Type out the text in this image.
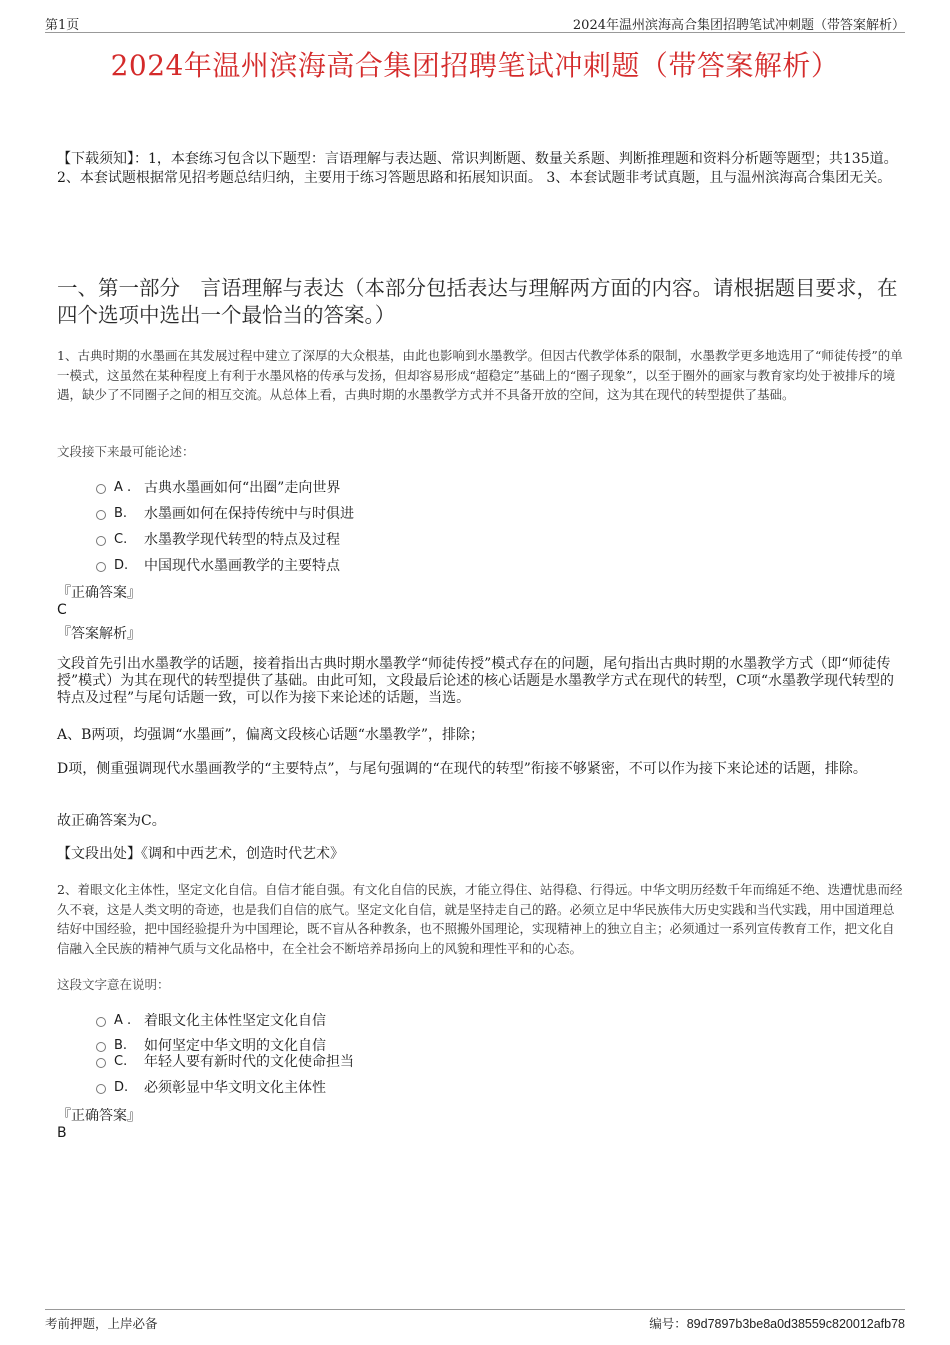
第1页	2024年温州滨海高合集团招聘笔试冲刺题（带答案解析）
2024年温州滨海高合集团招聘笔试冲刺题（带答案解析）
【下载须知】：1，本套练习包含以下题型：言语理解与表达题、常识判断题、数量关系题、判断推理题和资料分析题等题型；共135道。 2、本套试题根据常见招考题总结归纳，主要用于练习答题思路和拓展知识面。 3、本套试题非考试真题，且与温州滨海高合集团无关。
一、第一部分　言语理解与表达（本部分包括表达与理解两方面的内容。请根据题目要求，在四个选项中选出一个最恰当的答案。）
1、古典时期的水墨画在其发展过程中建立了深厚的大众根基，由此也影响到水墨教学。但因古代教学体系的限制，水墨教学更多地选用了“师徒传授”的单一模式，这虽然在某种程度上有利于水墨风格的传承与发扬，但却容易形成“超稳定”基础上的“圈子现象”，以至于圈外的画家与教育家均处于被排斥的境遇，缺少了不同圈子之间的相互交流。从总体上看，古典时期的水墨教学方式并不具备开放的空间，这为其在现代的转型提供了基础。
文段接下来最可能论述：
A . 古典水墨画如何“出圈”走向世界
B.	水墨画如何在保持传统中与时俱进
C.	水墨教学现代转型的特点及过程
D.	中国现代水墨画教学的主要特点
『正确答案』
C
『答案解析』
文段首先引出水墨教学的话题，接着指出古典时期水墨教学“师徒传授”模式存在的问题，尾句指出古典时期的水墨教学方式（即“师徒传授”模式）为其在现代的转型提供了基础。由此可知，文段最后论述的核心话题是水墨教学方式在现代的转型，C项“水墨教学现代转型的特点及过程”与尾句话题一致，可以作为接下来论述的话题，当选。
A、B两项，均强调“水墨画”，偏离文段核心话题“水墨教学”，排除；
D项，侧重强调现代水墨画教学的“主要特点”，与尾句强调的“在现代的转型”衔接不够紧密，不可以作为接下来论述的话题，排除。
故正确答案为C。
【文段出处】《调和中西艺术，创造时代艺术》
2、着眼文化主体性，坚定文化自信。自信才能自强。有文化自信的民族，才能立得住、站得稳、行得远。中华文明历经数千年而绵延不绝、迭遭忧患而经久不衰，这是人类文明的奇迹，也是我们自信的底气。坚定文化自信，就是坚持走自己的路。必须立足中华民族伟大历史实践和当代实践，用中国道理总结好中国经验，把中国经验提升为中国理论，既不盲从各种教条，也不照搬外国理论，实现精神上的独立自主；必须通过一系列宣传教育工作，把文化自信融入全民族的精神气质与文化品格中，在全社会不断培养昂扬向上的风貌和理性平和的心态。
这段文字意在说明：
A . 着眼文化主体性坚定文化自信
B.	如何坚定中华文明的文化自信
C.	年轻人要有新时代的文化使命担当
D.	必须彰显中华文明文化主体性
『正确答案』
B
考前押题，上岸必备	编号：89d7897b3be8a0d38559c820012afb78
